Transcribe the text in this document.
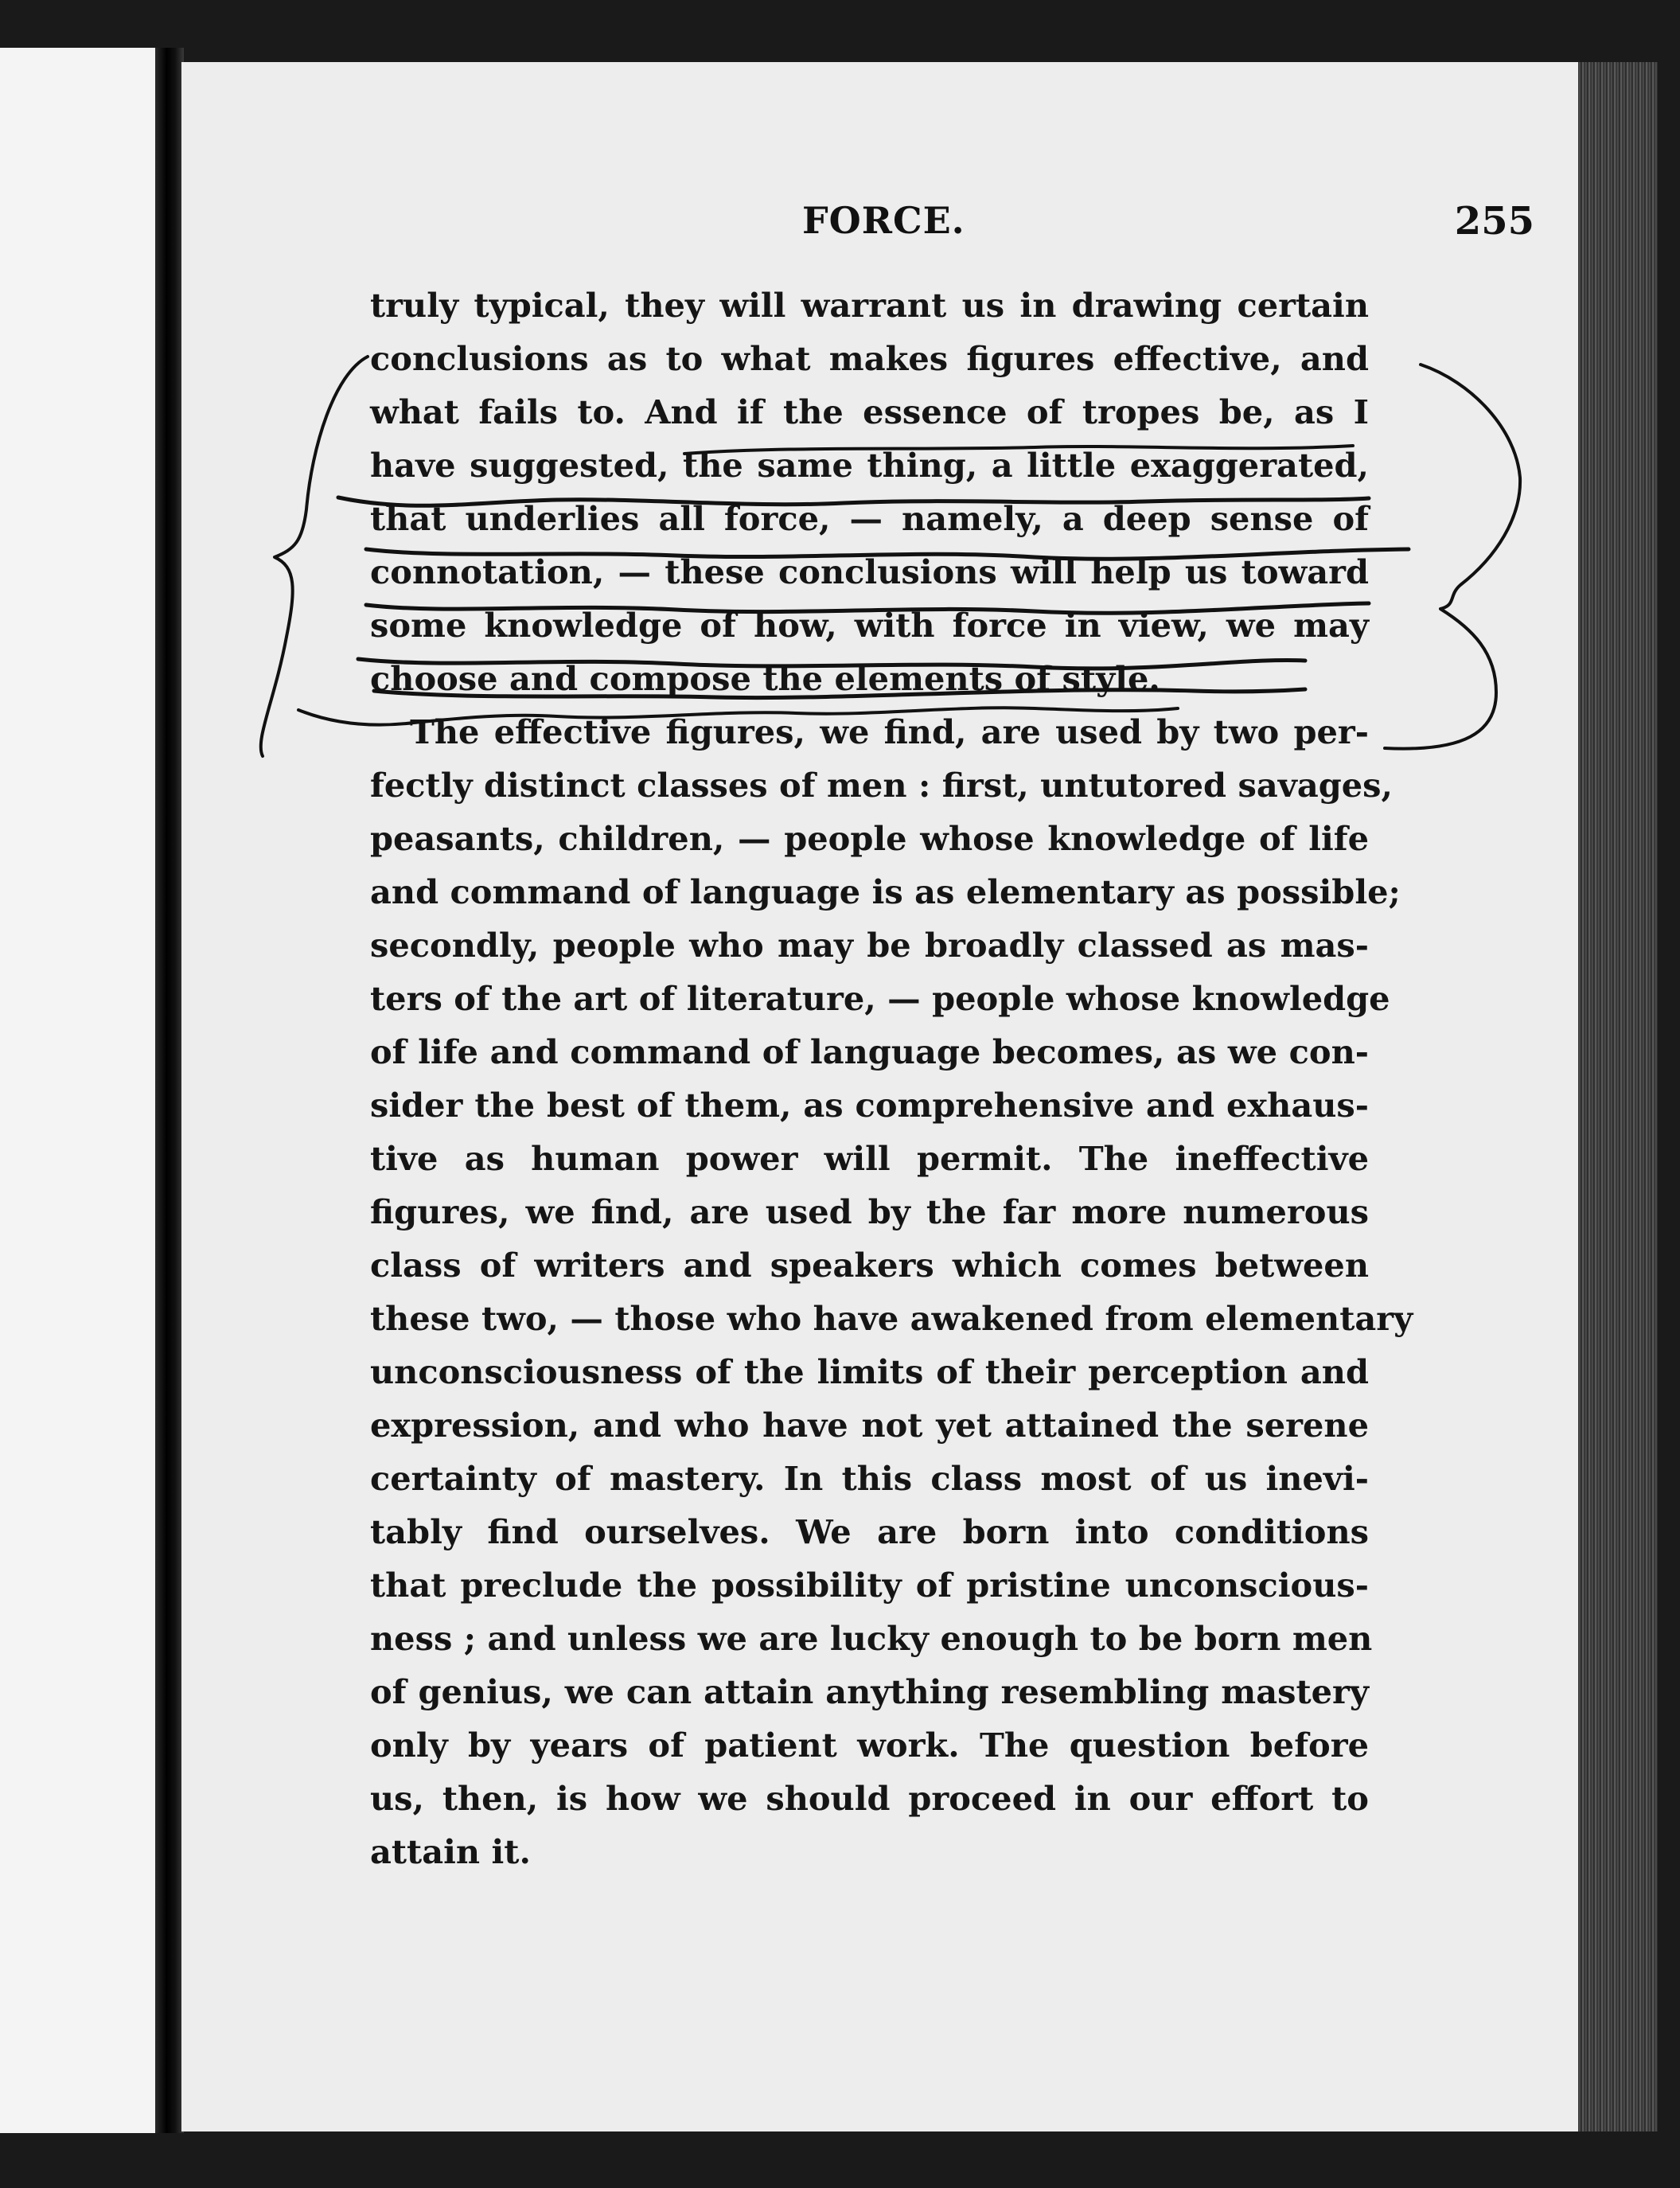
FORCE.	255
truly typical, they will warrant us in drawing certain
conclusions as to what makes figures effective, and
what fails to. And if the essence of tropes be, as I
have suggested, the same thing, a little exaggerated,
that underlies all force, — namely, a deep sense of
connotation, — these conclusions will help us toward
some knowledge of how, with force in view, we may
choose and compose the elements of style.
The effective figures, we find, are used by two per-
fectly distinct classes of men : first, untutored savages,
peasants, children, — people whose knowledge of life
and command of language is as elementary as possible;
secondly, people who may be broadly classed as mas-
ters of the art of literature, — people whose knowledge
of life and command of language becomes, as we con-
sider the best of them, as comprehensive and exhaus-
tive as human power will permit. The ineffective
figures, we find, are used by the far more numerous
class of writers and speakers which comes between
these two, — those who have awakened from elementary
unconsciousness of the limits of their perception and
expression, and who have not yet attained the serene
certainty of mastery. In this class most of us inevi-
tably find ourselves. We are born into conditions
that preclude the possibility of pristine unconscious-
ness ; and unless we are lucky enough to be born men
of genius, we can attain anything resembling mastery
only by years of patient work. The question before
us, then, is how we should proceed in our effort to
attain it.
